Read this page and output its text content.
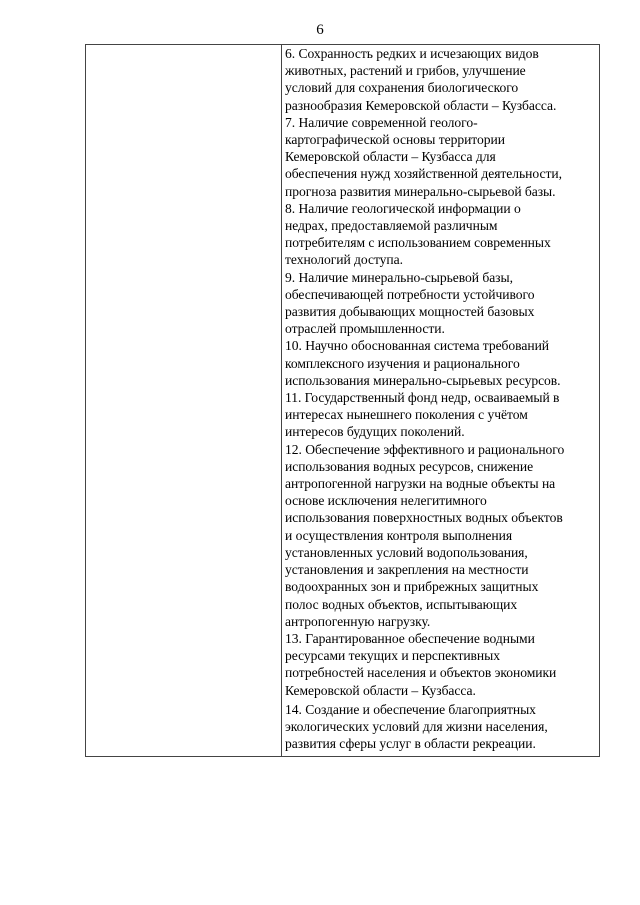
6

6. Сохранность редких и исчезающих видов
животных, растений и грибов, улучшение
условий для сохранения биологического
разнообразия Кемеровской области – Кузбасса.

7. Наличие современной геолого-
картографической основы территории
Кемеровской области – Кузбасса для
обеспечения нужд хозяйственной деятельности,
прогноза развития минерально-сырьевой базы.

8. Наличие геологической информации о
недрах, предоставляемой различным
потребителям с использованием современных
технологий доступа.

9. Наличие минерально-сырьевой базы,
обеспечивающей потребности устойчивого
развития добывающих мощностей базовых
отраслей промышленности.

10. Научно обоснованная система требований
комплексного изучения и рационального
использования минерально-сырьевых ресурсов.

11. Государственный фонд недр, осваиваемый в
интересах нынешнего поколения с учётом
интересов будущих поколений.

12. Обеспечение эффективного и рационального
использования водных ресурсов, снижение
антропогенной нагрузки на водные объекты на
основе исключения нелегитимного
использования поверхностных водных объектов
и осуществления контроля выполнения
установленных условий водопользования,
установления и закрепления на местности
водоохранных зон и прибрежных защитных
полос водных объектов, испытывающих
антропогенную нагрузку.

13. Гарантированное обеспечение водными
ресурсами текущих и перспективных
потребностей населения и объектов экономики
Кемеровской области – Кузбасса.

14. Создание и обеспечение благоприятных
экологических условий для жизни населения,
развития сферы услуг в области рекреации.
